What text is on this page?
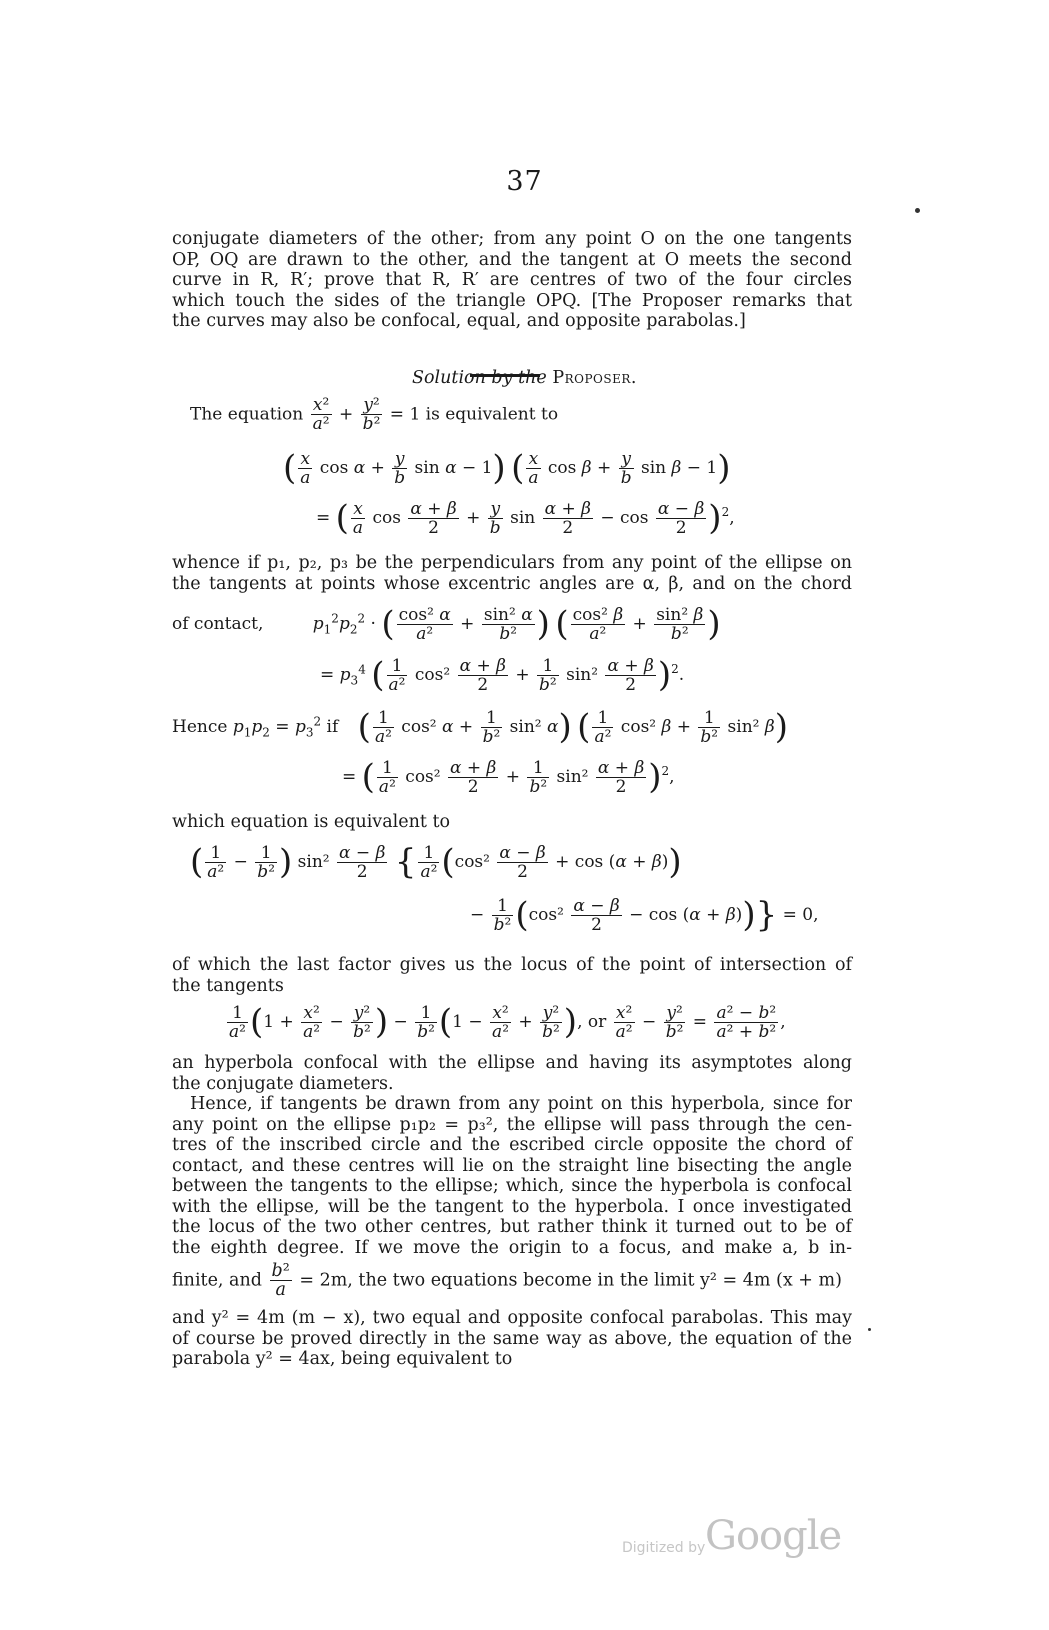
37
conjugate diameters of the other; from any point O on the one tangents
OP, OQ are drawn to the other, and the tangent at O meets the second
curve in R, R′; prove that R, R′ are centres of two of the four circles
which touch the sides of the triangle OPQ. [The Proposer remarks that
the curves may also be confocal, equal, and opposite parabolas.]
Solution by the Proposer.
The equation $\frac{\text{x²}}{\text{a²}} + \frac{\text{y²}}{\text{b²}} = 1$ is equivalent to
( $\frac{x}{a}$ $\cos \alpha + \frac{y}{b}$ sin α − 1) ( $\frac{x}{a}$ $\cos \beta + \frac{y}{b}$ sin β − 1)
= ( $\frac{x}{a}$ $\cos \frac{\alpha + \beta}{2} + \frac{y}{b}$ $\sin \frac{\alpha + \beta}{2} - \cos \frac{\alpha - \beta}{2} )^2$,
whence if p₁, p₂, p₃ be the perpendiculars from any point of the ellipse on
the tangents at points whose excentric angles are α, β, and on the chord
of contact,	$p_1^2p_2^2$ · ( $\frac{\text{cos² α}}{\text{a²}} + \frac{\text{sin² α}}{\text{b²}}$ ) ( $\frac{\text{cos² β}}{\text{a²}} + \frac{\text{sin² β}}{\text{b²}}$ )
= $p_3^4$ ( $\frac{1}{\text{a²}} \cos^2 \frac{\alpha + \beta}{2} + \frac{1}{\text{b²}} \sin^2 \frac{\alpha + \beta}{2} )^2$.
Hence $p_1p_2 = p_3^2$ if ( $\frac{1}{\text{a²}} \cos^2$ $\alpha + \frac{1}{\text{b²}} \sin^2$ α) ( $\frac{1}{\text{a²}} \cos^2$ $\beta + \frac{1}{\text{b²}} \sin^2$ β)
= ( $\frac{1}{\text{a²}} \cos^2 \frac{\alpha + \beta}{2} + \frac{1}{\text{b²}} \sin^2 \frac{\alpha + \beta}{2} )^2$,
which equation is equivalent to
( $\frac{1}{\text{a²}} - \frac{1}{\text{b²}}$ ) $\sin^2 \frac{\alpha - \beta}{2}$ { $\frac{1}{\text{a²}} (\cos^2 \frac{\alpha - \beta}{2} + \cos (\alpha + \beta))$
− $\frac{1}{\text{b²}} (\cos^2 \frac{\alpha - \beta}{2} - \cos (\alpha + \beta))\} = 0$,
of which the last factor gives us the locus of the point of intersection of
the tangents
$\frac{1}{\text{a²}} (1 + \frac{\text{x²}}{\text{a²}} - \frac{\text{y²}}{\text{b²}}$ ) − $\frac{1}{\text{b²}} (1 - \frac{\text{x²}}{\text{a²}} + \frac{\text{y²}}{\text{b²}}$ ), or $\frac{\text{x²}}{\text{a²}} - \frac{\text{y²}}{\text{b²}} = \frac{\text{a² − b²}}{\text{a² + b²}}$ ,
an hyperbola confocal with the ellipse and having its asymptotes along
the conjugate diameters.
Hence, if tangents be drawn from any point on this hyperbola, since for
any point on the ellipse p₁p₂ = p₃², the ellipse will pass through the cen-
tres of the inscribed circle and the escribed circle opposite the chord of
contact, and these centres will lie on the straight line bisecting the angle
between the tangents to the ellipse; which, since the hyperbola is confocal
with the ellipse, will be the tangent to the hyperbola. I once investigated
the locus of the two other centres, but rather think it turned out to be of
the eighth degree. If we move the origin to a focus, and make a, b in-
finite, and $\frac{\text{b²}}{a} = 2m$, the two equations become in the limit y² = 4m (x + m)
and y² = 4m (m − x), two equal and opposite confocal parabolas. This may
of course be proved directly in the same way as above, the equation of the
parabola y² = 4ax, being equivalent to
Digitized by Google
